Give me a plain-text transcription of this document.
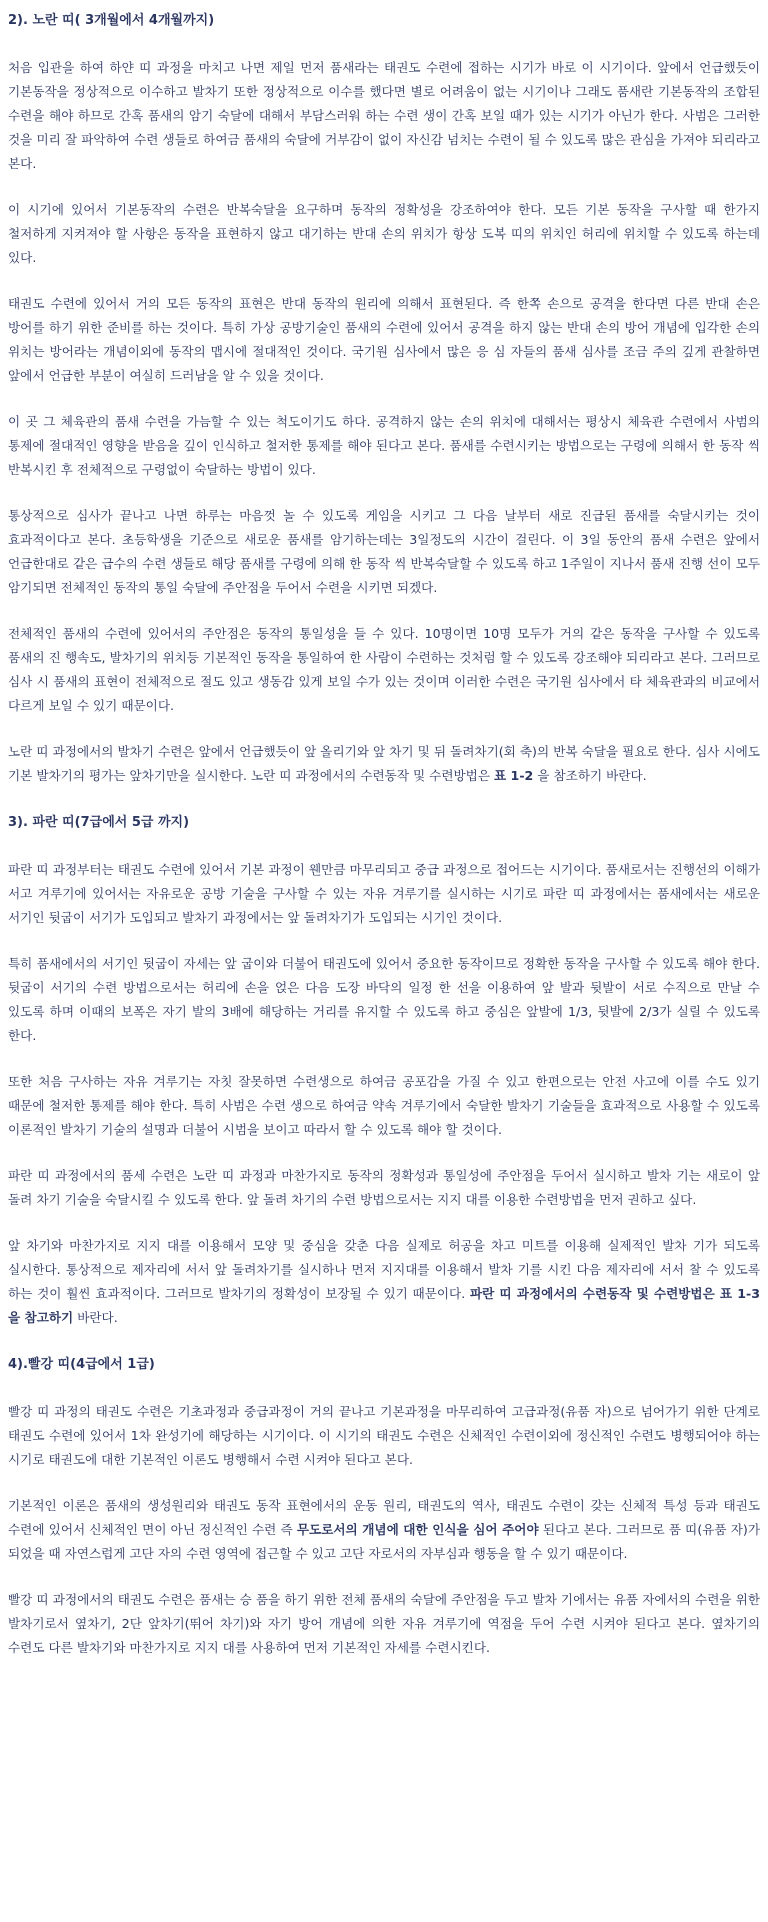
2). 노란 띠( 3개월에서 4개월까지)

처음 입관을 하여 하얀 띠 과정을 마치고 나면 제일 먼저 품새라는 태권도 수련에 접하는 시기가 바로 이 시기이다. 앞에서 언급했듯이 기본동작을 정상적으로 이수하고 발차기 또한 정상적으로 이수를 했다면 별로 어려움이 없는 시기이나 그래도 품새란 기본동작의 조합된 수련을 해야 하므로 간혹 품새의 암기 숙달에 대해서 부담스러워 하는 수련 생이 간혹 보일 때가 있는 시기가 아닌가 한다. 사범은 그러한 것을 미리 잘 파악하여 수련 생들로 하여금 품새의 숙달에 거부감이 없이 자신감 넘치는 수련이 될 수 있도록 많은 관심을 가져야 되리라고 본다.

이 시기에 있어서 기본동작의 수련은 반복숙달을 요구하며 동작의 정확성을 강조하여야 한다. 모든 기본 동작을 구사할 때 한가지 철저하게 지켜져야 할 사항은 동작을 표현하지 않고 대기하는 반대 손의 위치가 항상 도복 띠의 위치인 허리에 위치할 수 있도록 하는데 있다.

태권도 수련에 있어서 거의 모든 동작의 표현은 반대 동작의 원리에 의해서 표현된다. 즉 한쪽 손으로 공격을 한다면 다른 반대 손은 방어를 하기 위한 준비를 하는 것이다. 특히 가상 공방기술인 품새의 수련에 있어서 공격을 하지 않는 반대 손의 방어 개념에 입각한 손의 위치는 방어라는 개념이외에 동작의 맵시에 절대적인 것이다. 국기원 심사에서 많은 응 심 자들의 품새 심사를 조금 주의 깊게 관찰하면 앞에서 언급한 부분이 여실히 드러남을 알 수 있을 것이다.

이 곳 그 체육관의 품새 수련을 가늠할 수 있는 척도이기도 하다. 공격하지 않는 손의 위치에 대해서는 평상시 체육관 수련에서 사범의 통제에 절대적인 영향을 받음을 깊이 인식하고 철저한 통제를 해야 된다고 본다. 품새를 수련시키는 방법으로는 구령에 의해서 한 동작 씩 반복시킨 후 전체적으로 구령없이 숙달하는 방법이 있다.

통상적으로 심사가 끝나고 나면 하루는 마음껏 놀 수 있도록 게임을 시키고 그 다음 날부터 새로 진급된 품새를 숙달시키는 것이 효과적이다고 본다. 초등학생을 기준으로 새로운 품새를 암기하는데는 3일정도의 시간이 걸린다. 이 3일 동안의 품새 수련은 앞에서 언급한대로 같은 급수의 수련 생들로 해당 품새를 구령에 의해 한 동작 씩 반복숙달할 수 있도록 하고 1주일이 지나서 품새 진행 선이 모두 암기되면 전체적인 동작의 통일 숙달에 주안점을 두어서 수련을 시키면 되겠다.

전체적인 품새의 수련에 있어서의 주안점은 동작의 통일성을 들 수 있다. 10명이면 10명 모두가 거의 같은 동작을 구사할 수 있도록 품새의 진 행속도, 발차기의 위치등 기본적인 동작을 통일하여 한 사람이 수련하는 것처럼 할 수 있도록 강조해야 되리라고 본다. 그러므로 심사 시 품새의 표현이 전체적으로 절도 있고 생동감 있게 보일 수가 있는 것이며 이러한 수련은 국기원 심사에서 타 체육관과의 비교에서 다르게 보일 수 있기 때문이다.

노란 띠 과정에서의 발차기 수련은 앞에서 언급했듯이 앞 올리기와 앞 차기 및 뒤 돌려차기(회 축)의 반복 숙달을 필요로 한다. 심사 시에도 기본 발차기의 평가는 앞차기만을 실시한다. 노란 띠 과정에서의 수련동작 및 수련방법은 표 1-2 을 참조하기 바란다.

3). 파란 띠(7급에서 5급 까지)

파란 띠 과정부터는 태권도 수련에 있어서 기본 과정이 웬만큼 마무리되고 중급 과정으로 접어드는 시기이다. 품새로서는 진행선의 이해가 서고 겨루기에 있어서는 자유로운 공방 기술을 구사할 수 있는 자유 겨루기를 실시하는 시기로 파란 띠 과정에서는 품새에서는 새로운 서기인 뒷굽이 서기가 도입되고 발차기 과정에서는 앞 돌려차기가 도입되는 시기인 것이다.

특히 품새에서의 서기인 뒷굽이 자세는 앞 굽이와 더불어 태권도에 있어서 중요한 동작이므로 정확한 동작을 구사할 수 있도록 해야 한다. 뒷굽이 서기의 수련 방법으로서는 허리에 손을 얹은 다음 도장 바닥의 일정 한 선을 이용하여 앞 발과 뒷발이 서로 수직으로 만날 수 있도록 하며 이때의 보폭은 자기 발의 3배에 해당하는 거리를 유지할 수 있도록 하고 중심은 앞발에 1/3, 뒷발에 2/3가 실릴 수 있도록 한다.

또한 처음 구사하는 자유 겨루기는 자칫 잘못하면 수련생으로 하여금 공포감을 가질 수 있고 한편으로는 안전 사고에 이를 수도 있기 때문에 철저한 통제를 해야 한다. 특히 사범은 수련 생으로 하여금 약속 겨루기에서 숙달한 발차기 기술들을 효과적으로 사용할 수 있도록 이론적인 발차기 기술의 설명과 더불어 시범을 보이고 따라서 할 수 있도록 해야 할 것이다.

파란 띠 과정에서의 품세 수련은 노란 띠 과정과 마찬가지로 동작의 정확성과 통일성에 주안점을 두어서 실시하고 발차 기는 새로이 앞 돌려 차기 기술을 숙달시킬 수 있도록 한다. 앞 돌려 차기의 수련 방법으로서는 지지 대를 이용한 수련방법을 먼저 권하고 싶다.

앞 차기와 마찬가지로 지지 대를 이용해서 모양 및 중심을 갖춘 다음 실제로 허공을 차고 미트를 이용해 실제적인 발차 기가 되도록 실시한다. 통상적으로 제자리에 서서 앞 돌려차기를 실시하나 먼저 지지대를 이용해서 발차 기를 시킨 다음 제자리에 서서 찰 수 있도록 하는 것이 훨씬 효과적이다. 그러므로 발차기의 정확성이 보장될 수 있기 때문이다. 파란 띠 과정에서의 수련동작 및 수련방법은 표 1-3 을 참고하기 바란다.

4).빨강 띠(4급에서 1급)

빨강 띠 과정의 태권도 수련은 기초과정과 중급과정이 거의 끝나고 기본과정을 마무리하여 고급과정(유품 자)으로 넘어가기 위한 단계로 태권도 수련에 있어서 1차 완성기에 해당하는 시기이다. 이 시기의 태권도 수련은 신체적인 수련이외에 정신적인 수련도 병행되어야 하는 시기로 태권도에 대한 기본적인 이론도 병행해서 수련 시켜야 된다고 본다.

기본적인 이론은 품새의 생성원리와 태권도 동작 표현에서의 운동 원리, 태권도의 역사, 태권도 수련이 갖는 신체적 특성 등과 태권도 수련에 있어서 신체적인 면이 아닌 정신적인 수련 즉 무도로서의 개념에 대한 인식을 심어 주어야 된다고 본다. 그러므로 품 띠(유품 자)가 되었을 때 자연스럽게 고단 자의 수련 영역에 접근할 수 있고 고단 자로서의 자부심과 행동을 할 수 있기 때문이다.

빨강 띠 과정에서의 태권도 수련은 품새는 승 품을 하기 위한 전체 품새의 숙달에 주안점을 두고 발차 기에서는 유품 자에서의 수련을 위한 발차기로서 옆차기, 2단 앞차기(뛰어 차기)와 자기 방어 개념에 의한 자유 겨루기에 역점을 두어 수련 시켜야 된다고 본다. 옆차기의 수련도 다른 발차기와 마찬가지로 지지 대를 사용하여 먼저 기본적인 자세를 수련시킨다.
